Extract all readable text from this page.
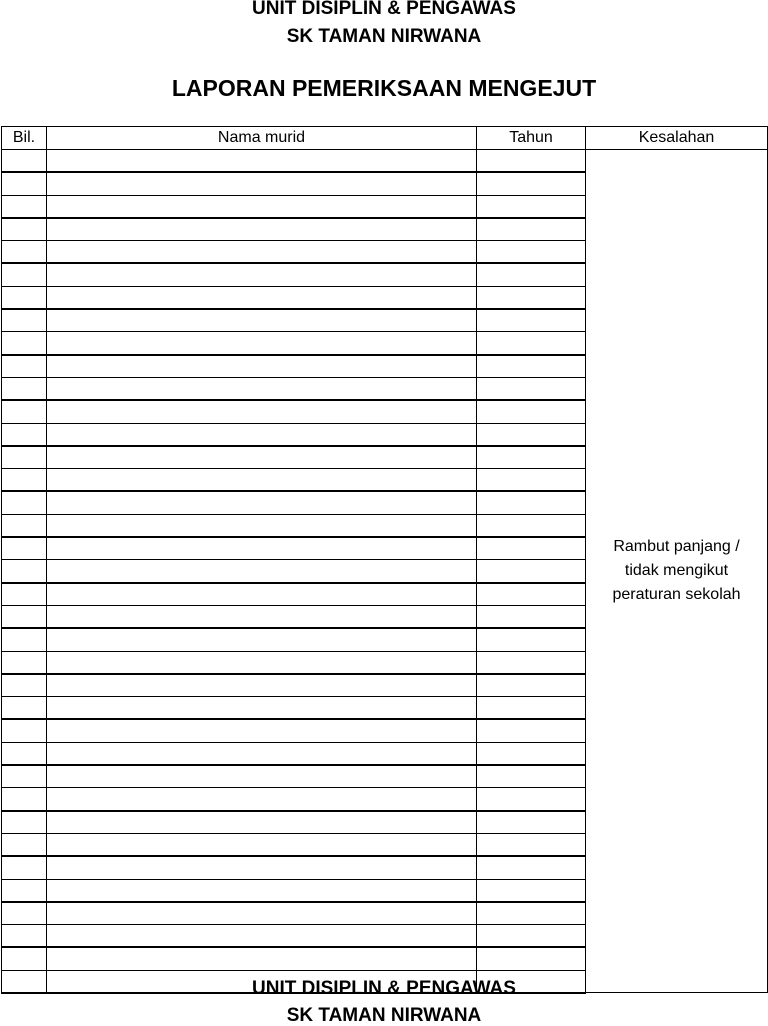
UNIT DISIPLIN & PENGAWAS
SK TAMAN NIRWANA
LAPORAN PEMERIKSAAN MENGEJUT
Bil.	Nama murid	Tahun	Kesalahan

			Rambut panjang /
tidak mengikut
peraturan sekolah

UNIT DISIPLIN & PENGAWAS
SK TAMAN NIRWANA
